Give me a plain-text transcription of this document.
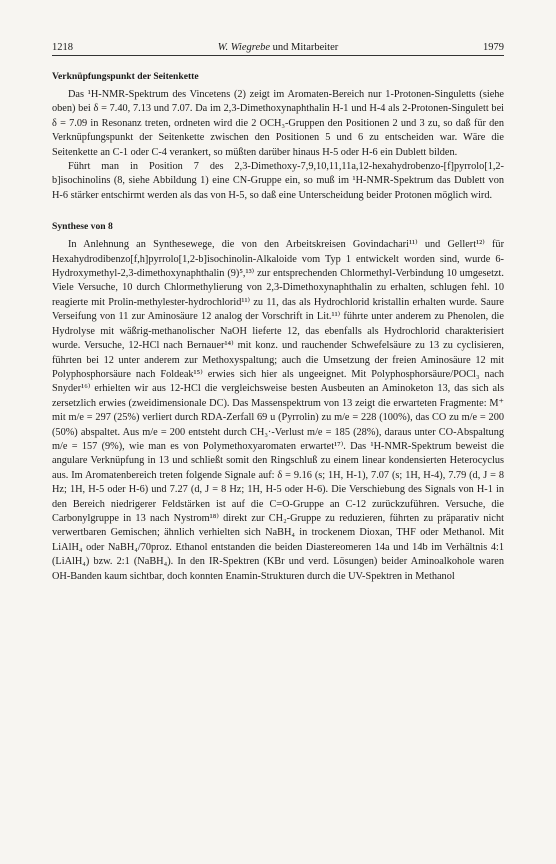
1218	W. Wiegrebe und Mitarbeiter	1979
Verknüpfungspunkt der Seitenkette

Das ¹H-NMR-Spektrum des Vincetens (2) zeigt im Aromaten-Bereich nur 1-Protonen-Singuletts (siehe oben) bei δ = 7.40, 7.13 und 7.07. Da im 2,3-Dimethoxynaphthalin H-1 und H-4 als 2-Protonen-Singulett bei δ = 7.09 in Resonanz treten, ordneten wird die 2 OCH₃-Gruppen den Positionen 2 und 3 zu, so daß für den Verknüpfungspunkt der Seitenkette zwischen den Positionen 5 und 6 zu entscheiden war. Wäre die Seitenkette an C-1 oder C-4 verankert, so müßten darüber hinaus H-5 oder H-6 ein Dublett bilden.

Führt man in Position 7 des 2,3-Dimethoxy-7,9,10,11,11a,12-hexahydrobenzo-[f]pyrrolo[1,2-b]isochinolins (8, siehe Abbildung 1) eine CN-Gruppe ein, so muß im ¹H-NMR-Spektrum das Dublett von H-6 stärker entschirmt werden als das von H-5, so daß eine Unterscheidung beider Protonen möglich wird.

Synthese von 8

In Anlehnung an Synthesewege, die von den Arbeitskreisen Govindachari¹¹⁾ und Gellert¹²⁾ für Hexahydrodibenzo[f,h]pyrrolo[1,2-b]isochinolin-Alkaloide vom Typ 1 entwickelt worden sind, wurde 6-Hydroxymethyl-2,3-dimethoxynaphthalin (9)⁵,¹³⁾ zur entsprechenden Chlormethyl-Verbindung 10 umgesetzt. Viele Versuche, 10 durch Chlormethylierung von 2,3-Dimethoxynaphthalin zu erhalten, schlugen fehl. 10 reagierte mit Prolin-methylester-hydrochlorid¹¹⁾ zu 11, das als Hydrochlorid kristallin erhalten wurde. Saure Verseifung von 11 zur Aminosäure 12 analog der Vorschrift in Lit.¹¹⁾ führte unter anderem zu Phenolen, die Hydrolyse mit wäßrig-methanolischer NaOH lieferte 12, das ebenfalls als Hydrochlorid charakterisiert wurde. Versuche, 12-HCl nach Bernauer¹⁴⁾ mit konz. und rauchender Schwefelsäure zu 13 zu cyclisieren, führten bei 12 unter anderem zur Methoxyspaltung; auch die Umsetzung der freien Aminosäure 12 mit Polyphosphorsäure nach Foldeak¹⁵⁾ erwies sich hier als ungeeignet. Mit Polyphosphorsäure/POCl₃ nach Snyder¹⁶⁾ erhielten wir aus 12-HCl die vergleichsweise besten Ausbeuten an Aminoketon 13, das sich als zersetzlich erwies (zweidimensionale DC). Das Massenspektrum von 13 zeigt die erwarteten Fragmente: M⁺ mit m/e = 297 (25%) verliert durch RDA-Zerfall 69 u (Pyrrolin) zu m/e = 228 (100%), das CO zu m/e = 200 (50%) abspaltet. Aus m/e = 200 entsteht durch CH₃·-Verlust m/e = 185 (28%), daraus unter CO-Abspaltung m/e = 157 (9%), wie man es von Polymethoxyaromaten erwartet¹⁷⁾. Das ¹H-NMR-Spektrum beweist die angulare Verknüpfung in 13 und schließt somit den Ringschluß zu einem linear kondensierten Heterocyclus aus. Im Aromatenbereich treten folgende Signale auf: δ = 9.16 (s; 1H, H-1), 7.07 (s; 1H, H-4), 7.79 (d, J = 8 Hz; 1H, H-5 oder H-6) und 7.27 (d, J = 8 Hz; 1H, H-5 oder H-6). Die Verschiebung des Signals von H-1 in den Bereich niedrigerer Feldstärken ist auf die C=O-Gruppe an C-12 zurückzuführen. Versuche, die Carbonylgruppe in 13 nach Nystrom¹⁸⁾ direkt zur CH₂-Gruppe zu reduzieren, führten zu präparativ nicht verwertbaren Gemischen; ähnlich verhielten sich NaBH₄ in trockenem Dioxan, THF oder Methanol. Mit LiAlH₄ oder NaBH₄/70proz. Ethanol entstanden die beiden Diastereomeren 14a und 14b im Verhältnis 4:1 (LiAlH₄) bzw. 2:1 (NaBH₄). In den IR-Spektren (KBr und verd. Lösungen) beider Aminoalkohole waren OH-Banden kaum sichtbar, doch konnten Enamin-Strukturen durch die UV-Spektren in Methanol
